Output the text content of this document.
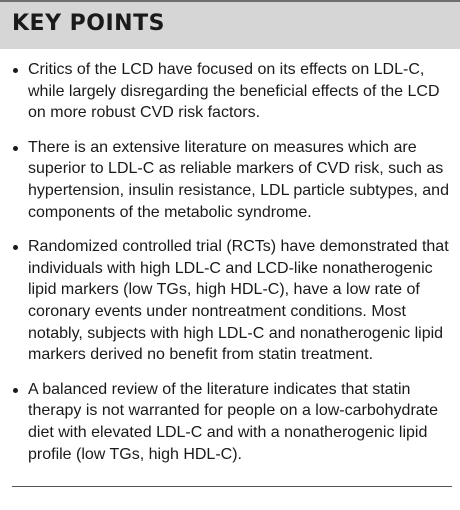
KEY POINTS
Critics of the LCD have focused on its effects on LDL-C, while largely disregarding the beneficial effects of the LCD on more robust CVD risk factors.
There is an extensive literature on measures which are superior to LDL-C as reliable markers of CVD risk, such as hypertension, insulin resistance, LDL particle subtypes, and components of the metabolic syndrome.
Randomized controlled trial (RCTs) have demonstrated that individuals with high LDL-C and LCD-like nonatherogenic lipid markers (low TGs, high HDL-C), have a low rate of coronary events under nontreatment conditions. Most notably, subjects with high LDL-C and nonatherogenic lipid markers derived no benefit from statin treatment.
A balanced review of the literature indicates that statin therapy is not warranted for people on a low-carbohydrate diet with elevated LDL-C and with a nonatherogenic lipid profile (low TGs, high HDL-C).
